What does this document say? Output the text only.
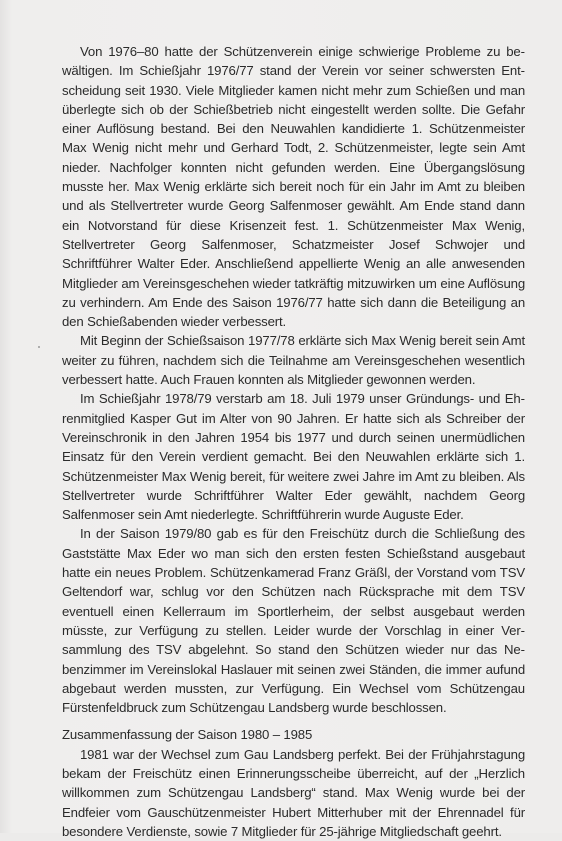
Von 1976–80 hatte der Schützenverein einige schwierige Probleme zu bewältigen. Im Schießjahr 1976/77 stand der Verein vor seiner schwersten Entscheidung seit 1930. Viele Mitglieder kamen nicht mehr zum Schießen und man überlegte sich ob der Schießbetrieb nicht eingestellt werden sollte. Die Gefahr einer Auflösung bestand. Bei den Neuwahlen kandidierte 1. Schützenmeister Max Wenig nicht mehr und Gerhard Todt, 2. Schützenmeister, legte sein Amt nieder. Nachfolger konnten nicht gefunden werden. Eine Übergangslösung musste her. Max Wenig erklärte sich bereit noch für ein Jahr im Amt zu bleiben und als Stellvertreter wurde Georg Salfenmoser gewählt. Am Ende stand dann ein Notvorstand für diese Krisenzeit fest. 1. Schützenmeister Max Wenig, Stellvertreter Georg Salfenmoser, Schatzmeister Josef Schwojer und Schriftführer Walter Eder. Anschließend appellierte Wenig an alle anwesenden Mitglieder am Vereinsgeschehen wieder tatkräftig mitzuwirken um eine Auflösung zu verhindern. Am Ende des Saison 1976/77 hatte sich dann die Beteiligung an den Schießabenden wieder verbessert.

Mit Beginn der Schießsaison 1977/78 erklärte sich Max Wenig bereit sein Amt weiter zu führen, nachdem sich die Teilnahme am Vereinsgeschehen wesentlich verbessert hatte. Auch Frauen konnten als Mitglieder gewonnen werden.

Im Schießjahr 1978/79 verstarb am 18. Juli 1979 unser Gründungs- und Ehrenmitglied Kasper Gut im Alter von 90 Jahren. Er hatte sich als Schreiber der Vereinschronik in den Jahren 1954 bis 1977 und durch seinen unermüdlichen Einsatz für den Verein verdient gemacht. Bei den Neuwahlen erklärte sich 1. Schützenmeister Max Wenig bereit, für weitere zwei Jahre im Amt zu bleiben. Als Stellvertreter wurde Schriftführer Walter Eder gewählt, nachdem Georg Salfenmoser sein Amt niederlegte. Schriftführerin wurde Auguste Eder.

In der Saison 1979/80 gab es für den Freischütz durch die Schließung des Gaststätte Max Eder wo man sich den ersten festen Schießstand ausgebaut hatte ein neues Problem. Schützenkamerad Franz Gräßl, der Vorstand vom TSV Geltendorf war, schlug vor den Schützen nach Rücksprache mit dem TSV eventuell einen Kellerraum im Sportlerheim, der selbst ausgebaut werden müsste, zur Verfügung zu stellen. Leider wurde der Vorschlag in einer Versammlung des TSV abgelehnt. So stand den Schützen wieder nur das Nebenzimmer im Vereinslokal Haslauer mit seinen zwei Ständen, die immer aufund abgebaut werden mussten, zur Verfügung. Ein Wechsel vom Schützengau Fürstenfeldbruck zum Schützengau Landsberg wurde beschlossen.

Zusammenfassung der Saison 1980 – 1985

1981 war der Wechsel zum Gau Landsberg perfekt. Bei der Frühjahrstagung bekam der Freischütz einen Erinnerungsscheibe überreicht, auf der „Herzlich willkommen zum Schützengau Landsberg“ stand. Max Wenig wurde bei der Endfeier vom Gauschützenmeister Hubert Mitterhuber mit der Ehrennadel für besondere Verdienste, sowie 7 Mitglieder für 25-jährige Mitgliedschaft geehrt.
